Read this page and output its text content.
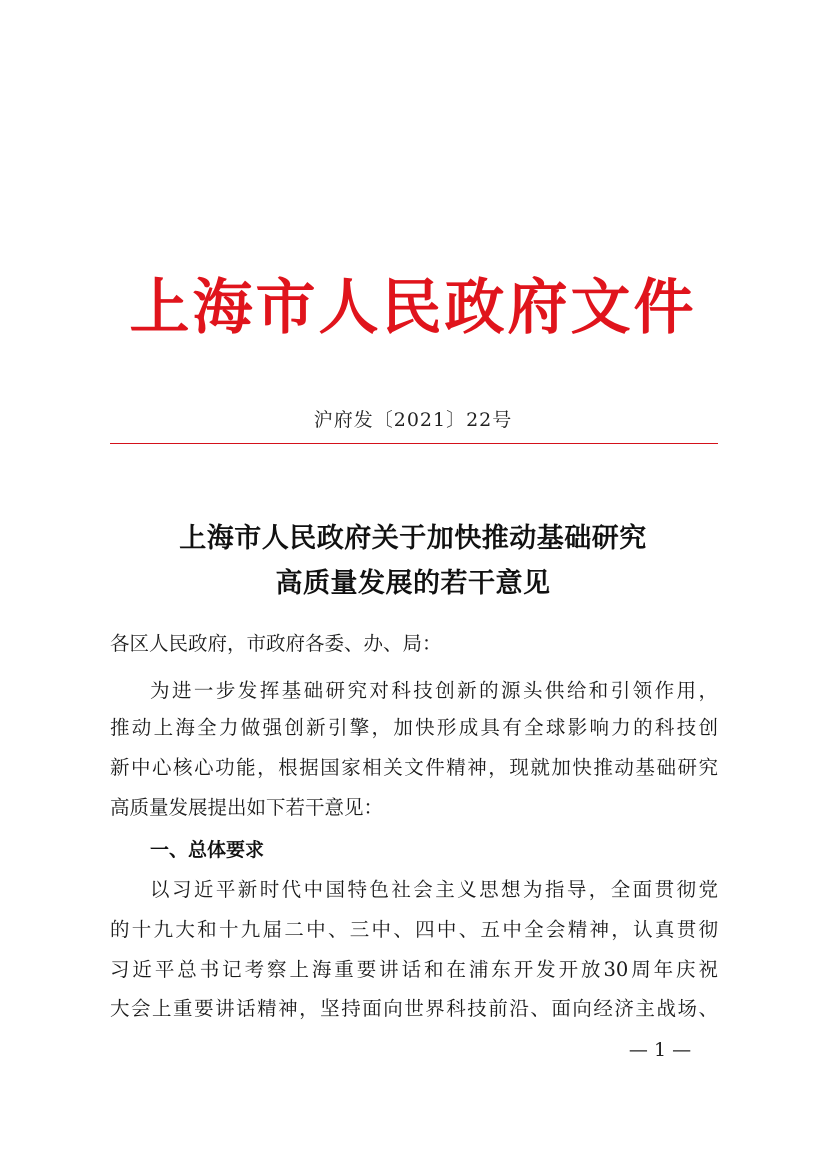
上海市人民政府文件
沪府发〔2021〕22号
上海市人民政府关于加快推动基础研究
高质量发展的若干意见
各区人民政府，市政府各委、办、局：
为进一步发挥基础研究对科技创新的源头供给和引领作用，
推动上海全力做强创新引擎，加快形成具有全球影响力的科技创
新中心核心功能，根据国家相关文件精神，现就加快推动基础研究
高质量发展提出如下若干意见：
一、总体要求
以习近平新时代中国特色社会主义思想为指导，全面贯彻党
的十九大和十九届二中、三中、四中、五中全会精神，认真贯彻
习近平总书记考察上海重要讲话和在浦东开发开放30周年庆祝
大会上重要讲话精神，坚持面向世界科技前沿、面向经济主战场、
— 1 —
